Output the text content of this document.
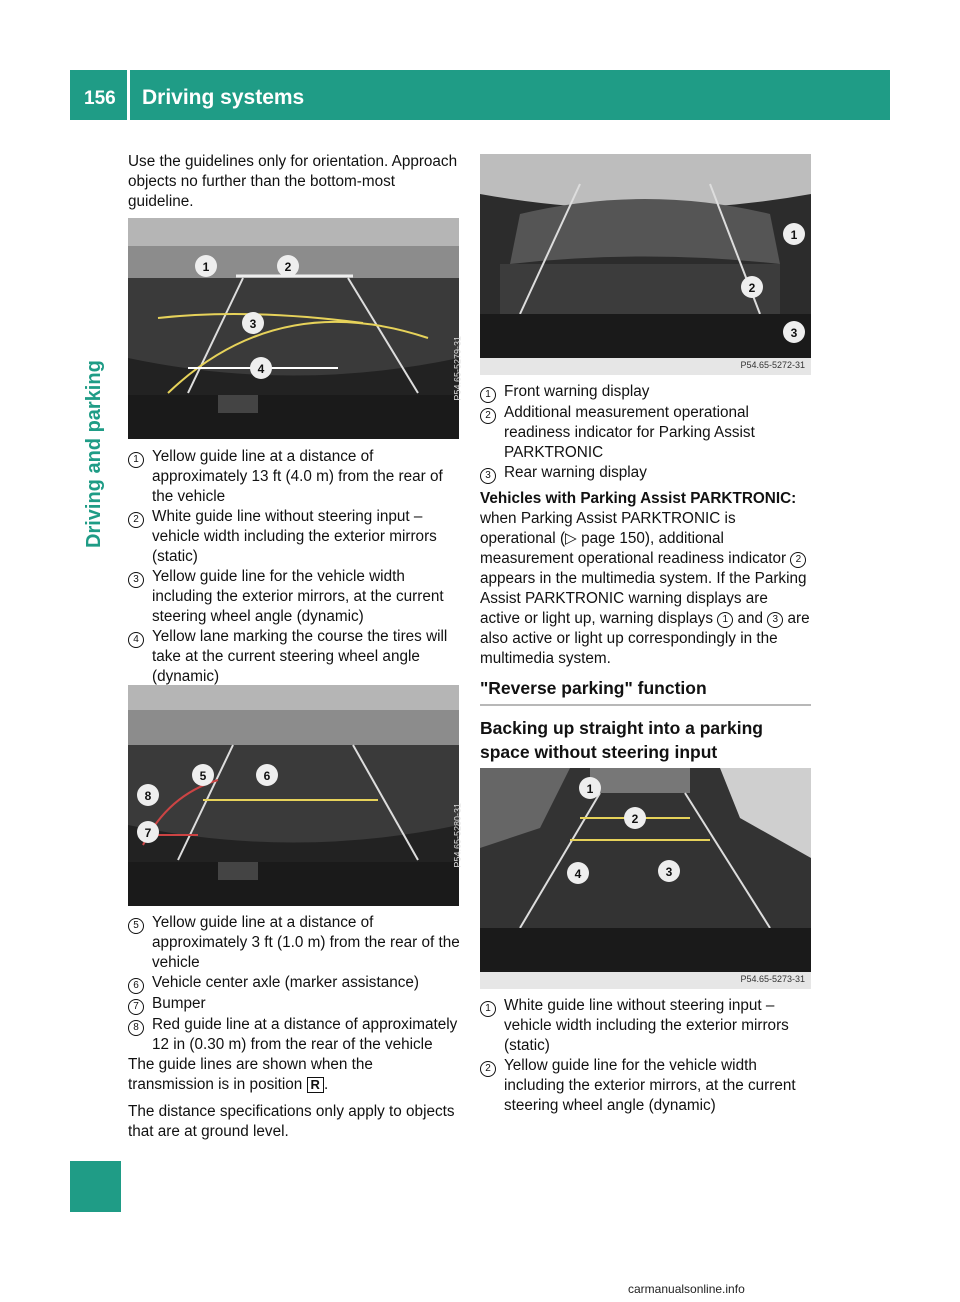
156 Driving systems
Driving and parking
Use the guidelines only for orientation. Approach objects no further than the bottom-most guideline.
1	2
3
4	P54.65-5279-31
1 Yellow guide line at a distance of approximately 13 ft (4.0 m) from the rear of the vehicle
2 White guide line without steering input – vehicle width including the exterior mirrors (static)
3 Yellow guide line for the vehicle width including the exterior mirrors, at the current steering wheel angle (dynamic)
4 Yellow lane marking the course the tires will take at the current steering wheel angle (dynamic)
5	6
8
7	P54.65-5280-31
5 Yellow guide line at a distance of approximately 3 ft (1.0 m) from the rear of the vehicle
6 Vehicle center axle (marker assistance)
7 Bumper
8 Red guide line at a distance of approximately 12 in (0.30 m) from the rear of the vehicle
The guide lines are shown when the transmission is in position R .
The distance specifications only apply to objects that are at ground level.
1
2
3
P54.65-5272-31
1 Front warning display
2 Additional measurement operational readiness indicator for Parking Assist PARKTRONIC
3 Rear warning display
Vehicles with Parking Assist PARKTRONIC: when Parking Assist PARKTRONIC is operational (▷ page 150), additional measurement operational readiness indicator 2 appears in the multimedia system. If the Parking Assist PARKTRONIC warning displays are active or light up, warning displays 1 and 3 are also active or light up correspondingly in the multimedia system.
"Reverse parking" function
Backing up straight into a parking space without steering input
1
2
3
4
P54.65-5273-31
1 White guide line without steering input – vehicle width including the exterior mirrors (static)
2 Yellow guide line for the vehicle width including the exterior mirrors, at the current steering wheel angle (dynamic)
carmanualsonline.info
